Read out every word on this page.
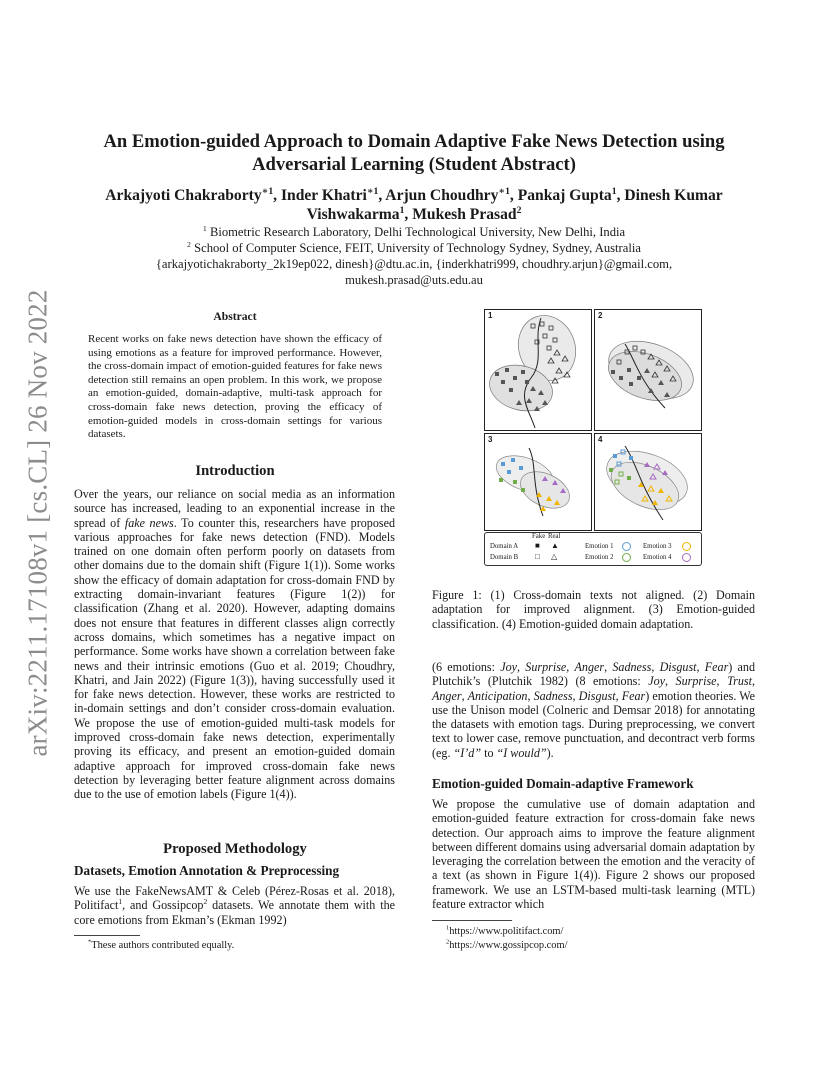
arXiv:2211.17108v1 [cs.CL] 26 Nov 2022
An Emotion-guided Approach to Domain Adaptive Fake News Detection using
Adversarial Learning (Student Abstract)
Arkajyoti Chakraborty$^{∗1}$, Inder Khatri$^{∗1}$, Arjun Choudhry$^{∗1}$, Pankaj Gupta$^1$, Dinesh Kumar
Vishwakarma$^1$, Mukesh Prasad$^2$
$^1$ Biometric Research Laboratory, Delhi Technological University, New Delhi, India
$^2$ School of Computer Science, FEIT, University of Technology Sydney, Sydney, Australia
{arkajyotichakraborty_2k19ep022, dinesh}@dtu.ac.in, {inderkhatri999, choudhry.arjun}@gmail.com,
mukesh.prasad@uts.edu.au
Abstract
Recent works on fake news detection have shown the efficacy of using emotions as a feature for improved performance. However, the cross-domain impact of emotion-guided features for fake news detection still remains an open problem. In this work, we propose an emotion-guided, domain-adaptive, multi-task approach for cross-domain fake news detection, proving the efficacy of emotion-guided models in cross-domain settings for various datasets.
Introduction
Over the years, our reliance on social media as an information source has increased, leading to an exponential increase in the spread of fake news. To counter this, researchers have proposed various approaches for fake news detection (FND). Models trained on one domain often perform poorly on datasets from other domains due to the domain shift (Figure 1(1)). Some works show the efficacy of domain adaptation for cross-domain FND by extracting domain-invariant features (Figure 1(2)) for classification (Zhang et al. 2020). However, adapting domains does not ensure that features in different classes align correctly across domains, which sometimes has a negative impact on performance. Some works have shown a correlation between fake news and their intrinsic emotions (Guo et al. 2019; Choudhry, Khatri, and Jain 2022) (Figure 1(3)), having successfully used it for fake news detection. However, these works are restricted to in-domain settings and don’t consider cross-domain evaluation. We propose the use of emotion-guided multi-task models for improved cross-domain fake news detection, experimentally proving its efficacy, and present an emotion-guided domain adaptive approach for improved cross-domain fake news detection by leveraging better feature alignment across domains due to the use of emotion labels (Figure 1(4)).
Proposed Methodology
Datasets, Emotion Annotation & Preprocessing
We use the FakeNewsAMT & Celeb (Pérez-Rosas et al. 2018), Politifact$^1$, and Gossipcop$^2$ datasets. We annotate them with the core emotions from Ekman’s (Ekman 1992)
*These authors contributed equally.
1	2
3	4
Fake Real
Domain A ■ ▲
Domain B □ △
Emotion 1
Emotion 2
Emotion 3
Emotion 4
Figure 1: (1) Cross-domain texts not aligned. (2) Domain adaptation for improved alignment. (3) Emotion-guided classification. (4) Emotion-guided domain adaptation.
(6 emotions: Joy, Surprise, Anger, Sadness, Disgust, Fear) and Plutchik’s (Plutchik 1982) (8 emotions: Joy, Surprise, Trust, Anger, Anticipation, Sadness, Disgust, Fear) emotion theories. We use the Unison model (Colneric and Demsar 2018) for annotating the datasets with emotion tags. During preprocessing, we convert text to lower case, remove punctuation, and decontract verb forms (eg. “I’d” to “I would”).
Emotion-guided Domain-adaptive Framework
We propose the cumulative use of domain adaptation and emotion-guided feature extraction for cross-domain fake news detection. Our approach aims to improve the feature alignment between different domains using adversarial domain adaptation by leveraging the correlation between the emotion and the veracity of a text (as shown in Figure 1(4)). Figure 2 shows our proposed framework. We use an LSTM-based multi-task learning (MTL) feature extractor which
$^1$https://www.politifact.com/
$^2$https://www.gossipcop.com/
